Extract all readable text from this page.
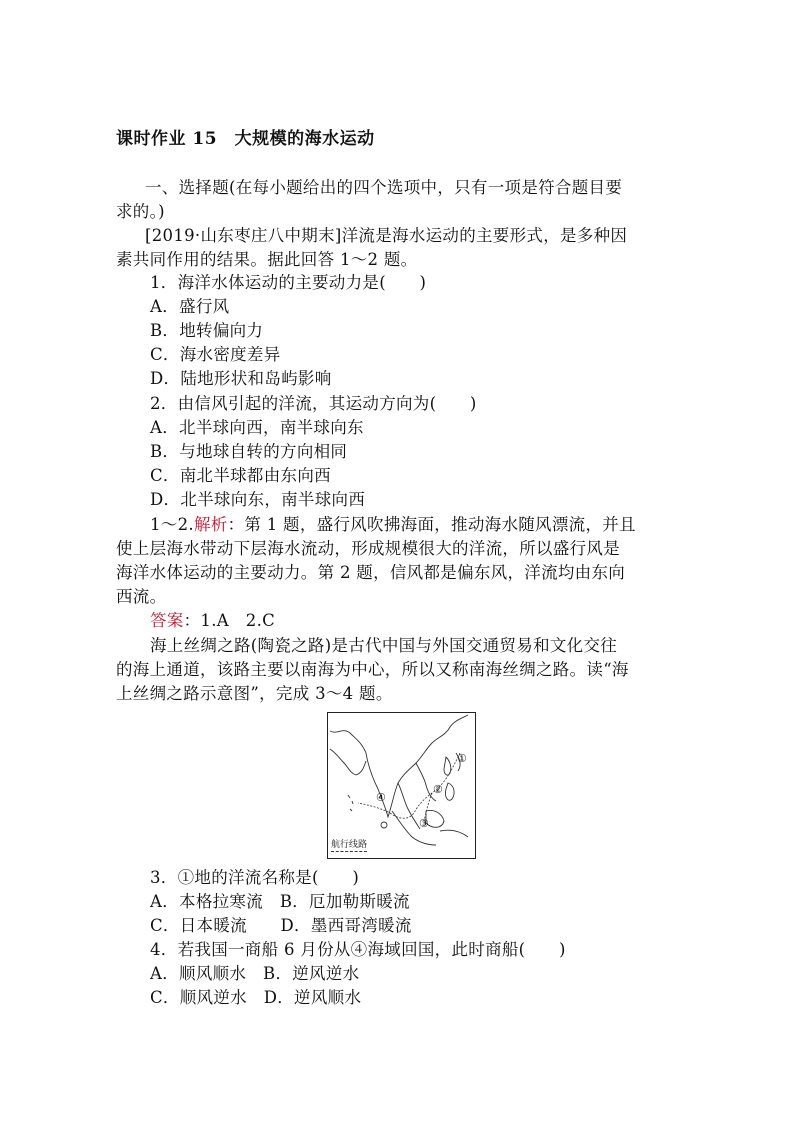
课时作业 15　大规模的海水运动
一、选择题(在每小题给出的四个选项中，只有一项是符合题目要
求的。)
[2019·山东枣庄八中期末]洋流是海水运动的主要形式，是多种因
素共同作用的结果。据此回答 1～2 题。
1．海洋水体运动的主要动力是(　　)
A．盛行风
B．地转偏向力
C．海水密度差异
D．陆地形状和岛屿影响
2．由信风引起的洋流，其运动方向为(　　)
A．北半球向西，南半球向东
B．与地球自转的方向相同
C．南北半球都由东向西
D．北半球向东，南半球向西
1～2.解析：第 1 题，盛行风吹拂海面，推动海水随风漂流，并且
使上层海水带动下层海水流动，形成规模很大的洋流，所以盛行风是
海洋水体运动的主要动力。第 2 题，信风都是偏东风，洋流均由东向
西流。
答案：1.A　2.C
海上丝绸之路(陶瓷之路)是古代中国与外国交通贸易和文化交往
的海上通道，该路主要以南海为中心，所以又称南海丝绸之路。读“海
上丝绸之路示意图”，完成 3～4 题。
①
②
③
④
航行线路
3．①地的洋流名称是(　　)
A．本格拉寒流　B．厄加勒斯暖流
C．日本暖流　　D．墨西哥湾暖流
4．若我国一商船 6 月份从④海域回国，此时商船(　　)
A．顺风顺水　B．逆风逆水
C．顺风逆水　D．逆风顺水
